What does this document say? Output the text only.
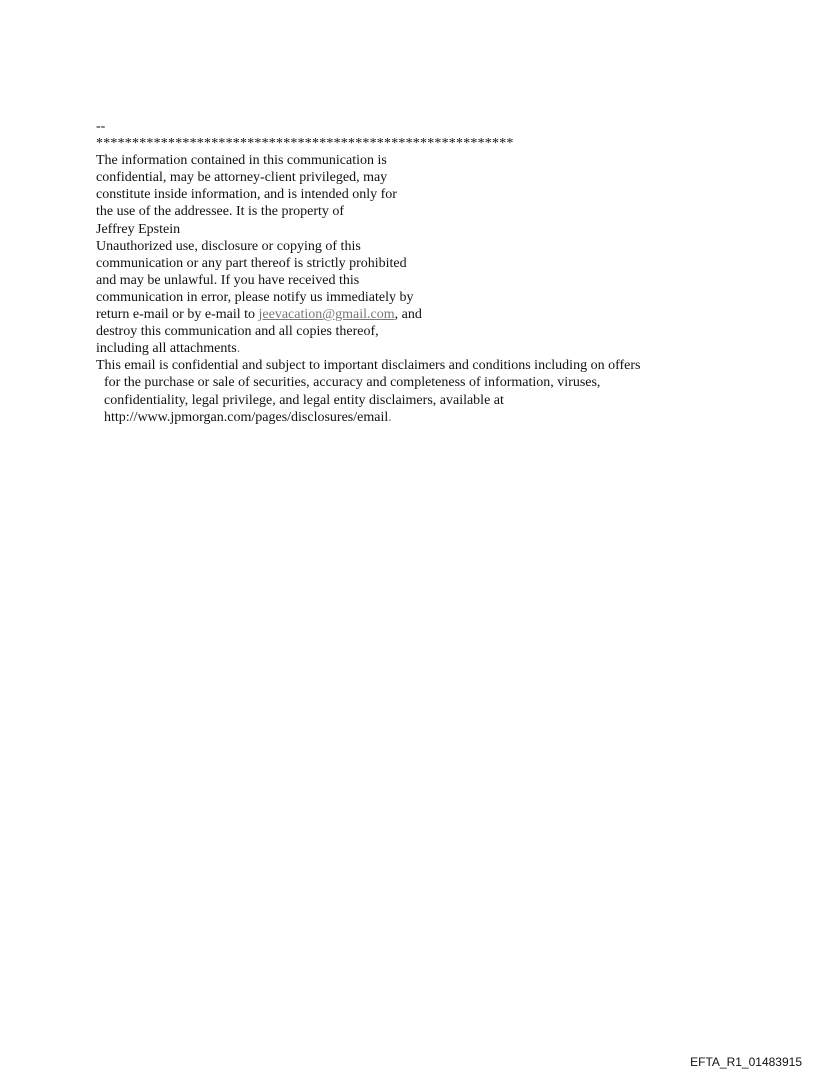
--
**********************************************************
The information contained in this communication is
confidential, may be attorney-client privileged, may
constitute inside information, and is intended only for
the use of the addressee. It is the property of
Jeffrey Epstein
Unauthorized use, disclosure or copying of this
communication or any part thereof is strictly prohibited
and may be unlawful. If you have received this
communication in error, please notify us immediately by
return e-mail or by e-mail to jeevacation@gmail.com, and
destroy this communication and all copies thereof,
including all attachments.
This email is confidential and subject to important disclaimers and conditions including on offers
for the purchase or sale of securities, accuracy and completeness of information, viruses,
confidentiality, legal privilege, and legal entity disclaimers, available at
http://www.jpmorgan.com/pages/disclosures/email.
EFTA_R1_01483915
